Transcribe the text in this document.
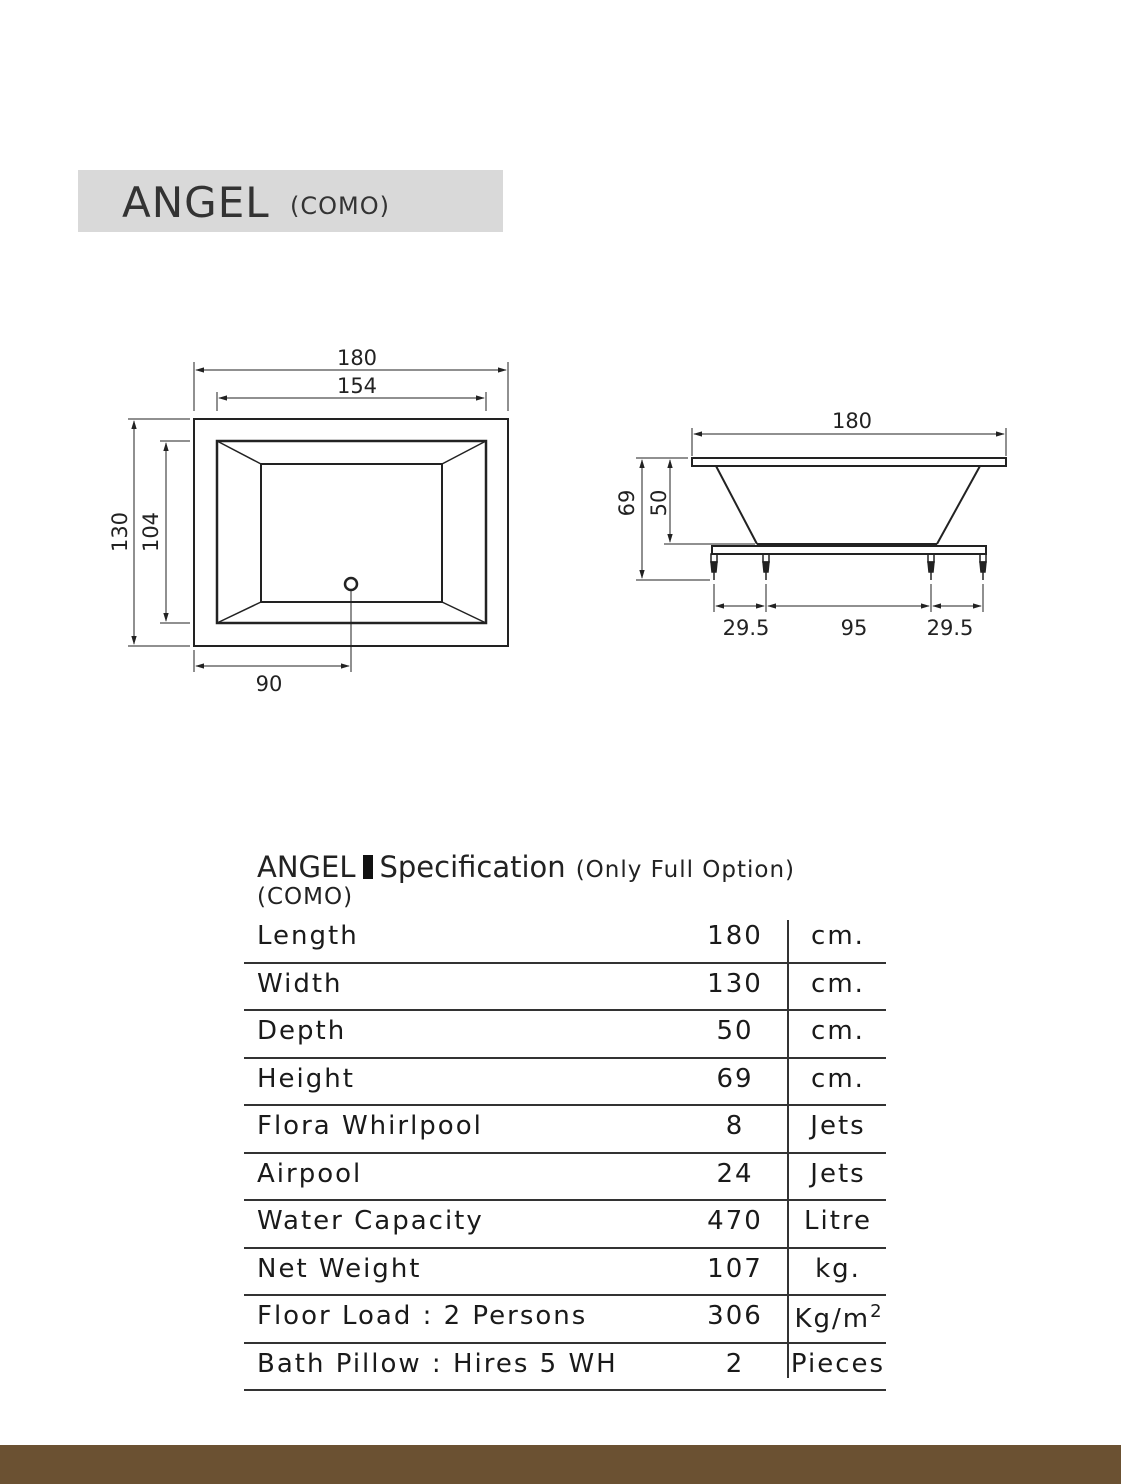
ANGEL (COMO)
180
154
130 104
90
180
69 50
29.5	95	29.5
ANGEL Specification (Only Full Option)
(COMO)
Length	180	cm.
Width	130	cm.
Depth	50	cm.
Height	69	cm.
Flora Whirlpool	8	Jets
Airpool	24	Jets
Water Capacity	470	Litre
Net Weight	107	kg.
Floor Load : 2 Persons	306	$Kg/m^2$
Bath Pillow : Hires 5 WH	2	Pieces
